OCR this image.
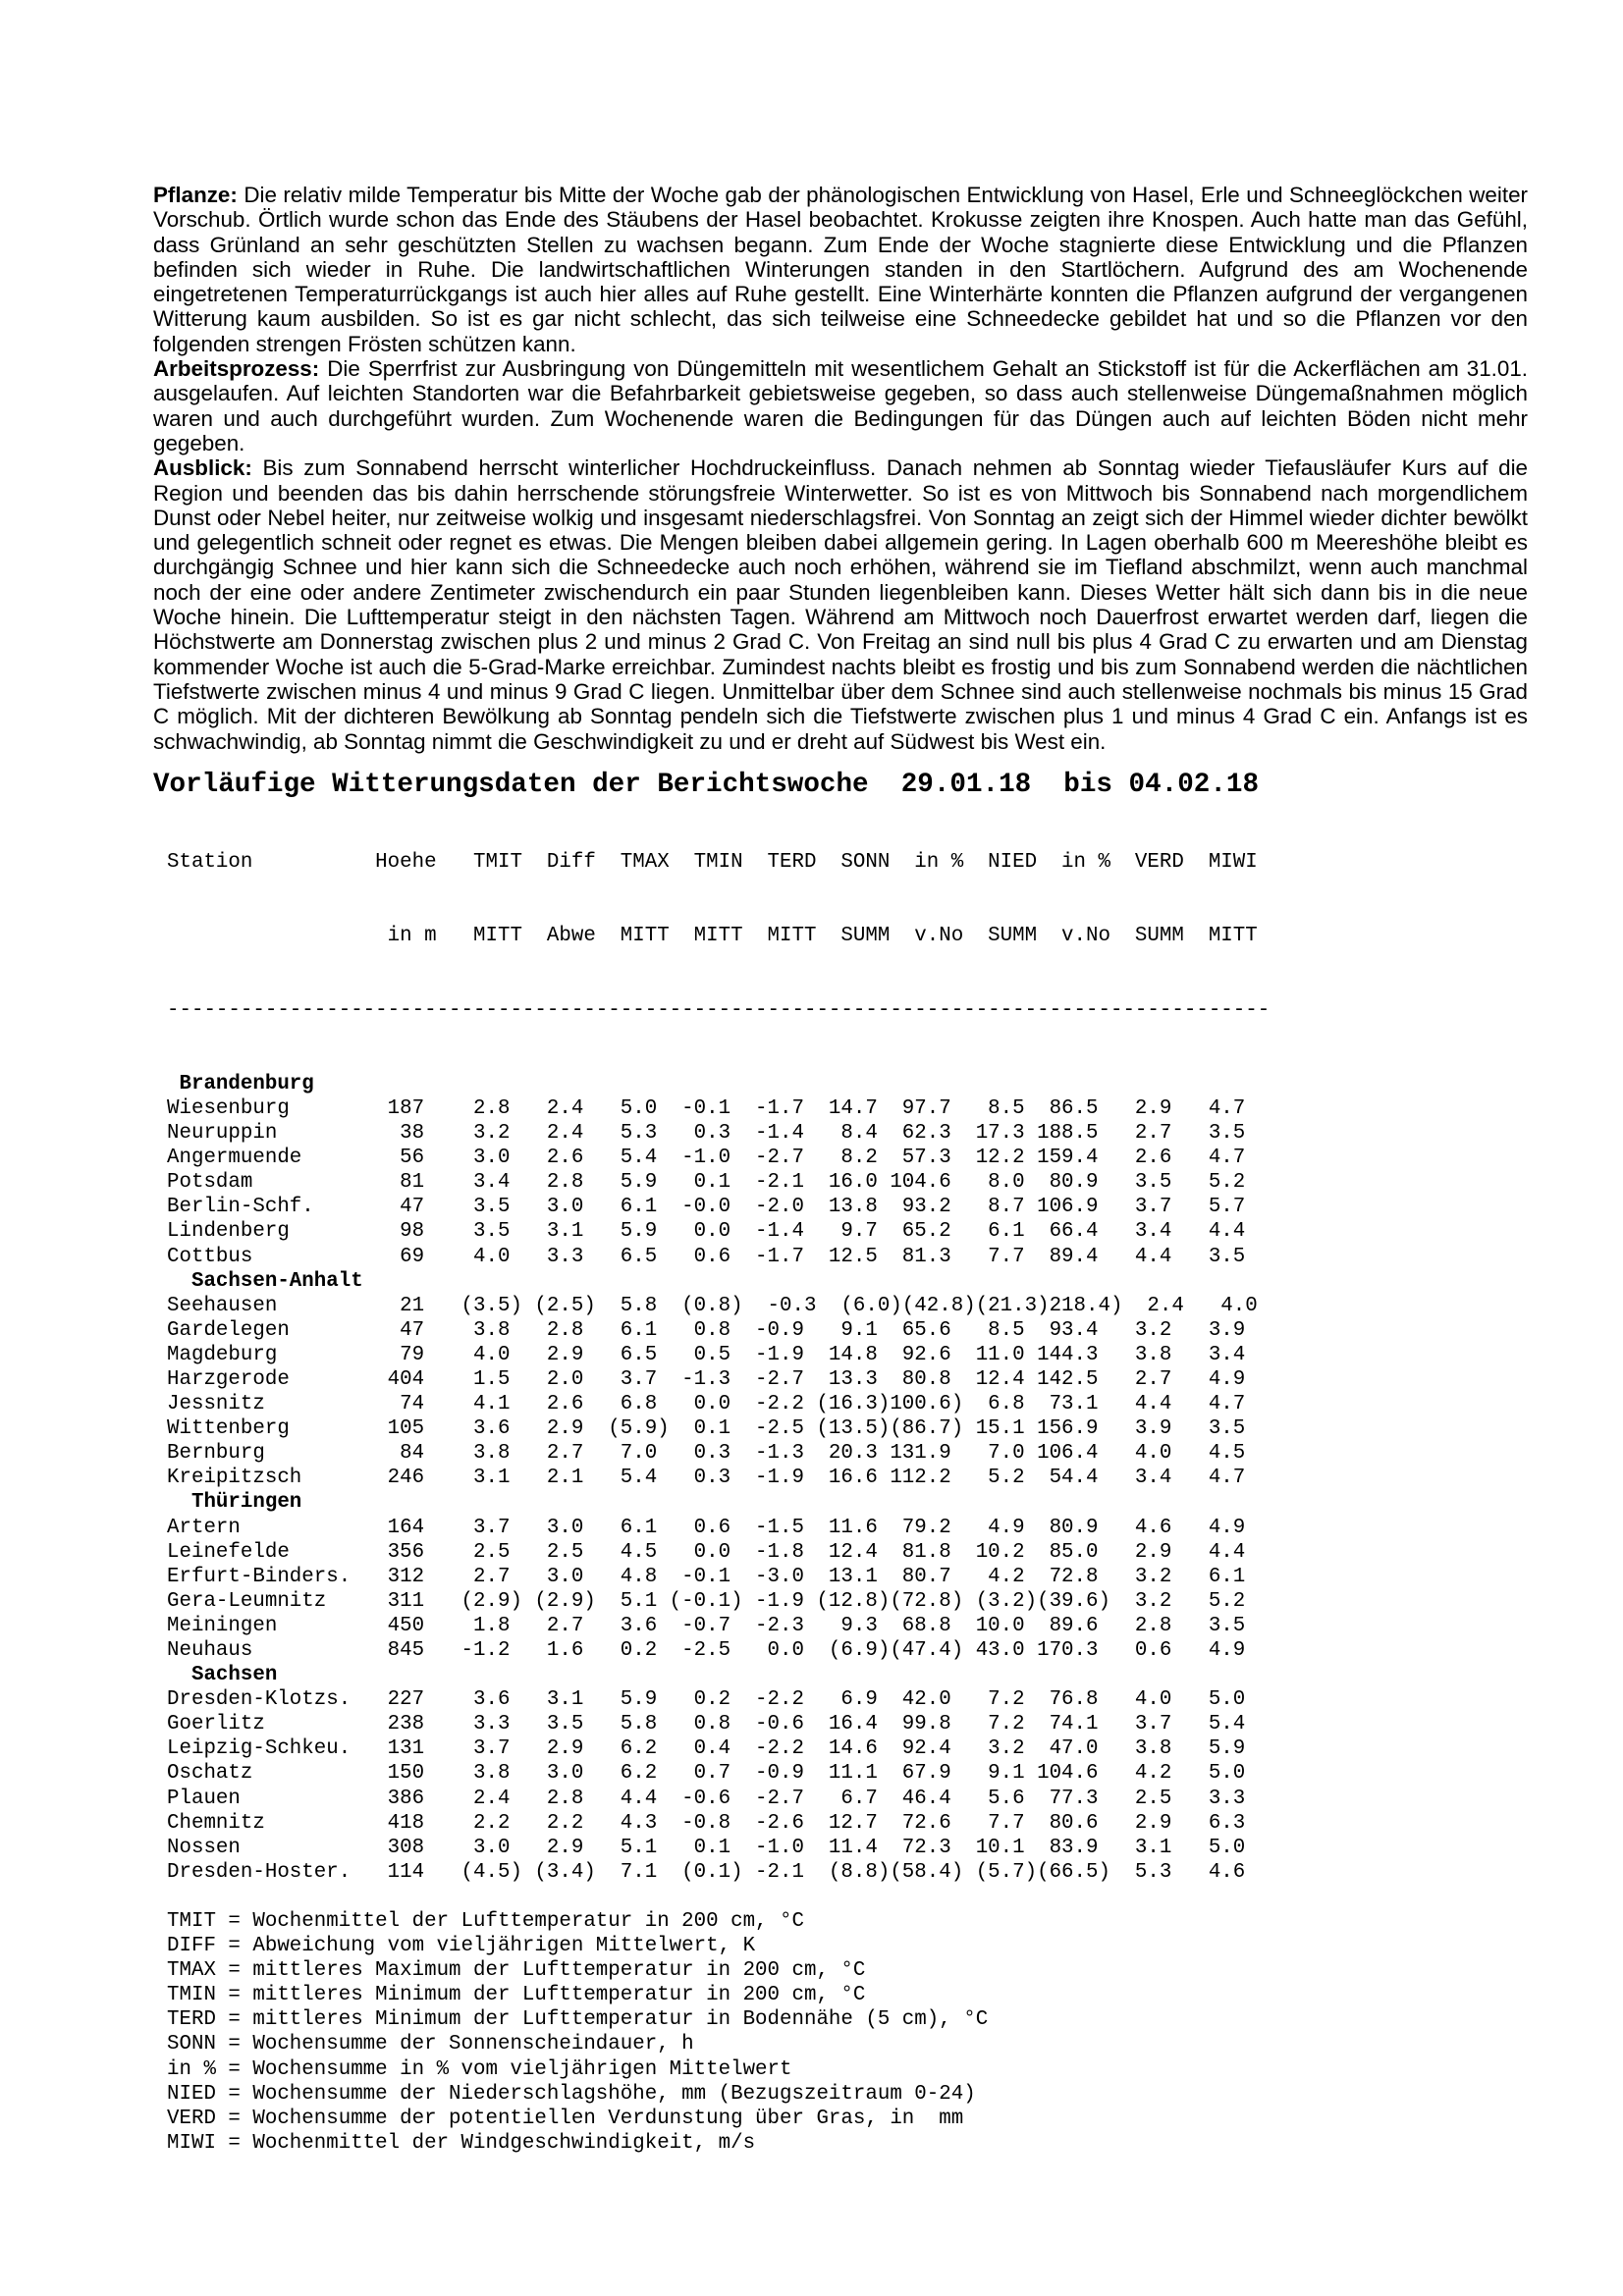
Pflanze: Die relativ milde Temperatur bis Mitte der Woche gab der phänologischen Entwicklung von Hasel, Erle und Schneeglöckchen weiter Vorschub. Örtlich wurde schon das Ende des Stäubens der Hasel beobachtet. Krokusse zeigten ihre Knospen. Auch hatte man das Gefühl, dass Grünland an sehr geschützten Stellen zu wachsen begann. Zum Ende der Woche stagnierte diese Entwicklung und die Pflanzen befinden sich wieder in Ruhe. Die landwirtschaftlichen Winterungen standen in den Startlöchern. Aufgrund des am Wochenende eingetretenen Temperaturrückgangs ist auch hier alles auf Ruhe gestellt. Eine Winterhärte konnten die Pflanzen aufgrund der vergangenen Witterung kaum ausbilden. So ist es gar nicht schlecht, das sich teilweise eine Schneedecke gebildet hat und so die Pflanzen vor den folgenden strengen Frösten schützen kann.

Arbeitsprozess: Die Sperrfrist zur Ausbringung von Düngemitteln mit wesentlichem Gehalt an Stickstoff ist für die Ackerflächen am 31.01. ausgelaufen. Auf leichten Standorten war die Befahrbarkeit gebietsweise gegeben, so dass auch stellenweise Düngemaßnahmen möglich waren und auch durchgeführt wurden. Zum Wochenende waren die Bedingungen für das Düngen auch auf leichten Böden nicht mehr gegeben.

Ausblick: Bis zum Sonnabend herrscht winterlicher Hochdruckeinfluss. Danach nehmen ab Sonntag wieder Tiefausläufer Kurs auf die Region und beenden das bis dahin herrschende störungsfreie Winterwetter. So ist es von Mittwoch bis Sonnabend nach morgendlichem Dunst oder Nebel heiter, nur zeitweise wolkig und insgesamt niederschlagsfrei. Von Sonntag an zeigt sich der Himmel wieder dichter bewölkt und gelegentlich schneit oder regnet es etwas. Die Mengen bleiben dabei allgemein gering. In Lagen oberhalb 600 m Meereshöhe bleibt es durchgängig Schnee und hier kann sich die Schneedecke auch noch erhöhen, während sie im Tiefland abschmilzt, wenn auch manchmal noch der eine oder andere Zentimeter zwischendurch ein paar Stunden liegenbleiben kann. Dieses Wetter hält sich dann bis in die neue Woche hinein. Die Lufttemperatur steigt in den nächsten Tagen. Während am Mittwoch noch Dauerfrost erwartet werden darf, liegen die Höchstwerte am Donnerstag zwischen plus 2 und minus 2 Grad C. Von Freitag an sind null bis plus 4 Grad C zu erwarten und am Dienstag kommender Woche ist auch die 5-Grad-Marke erreichbar. Zumindest nachts bleibt es frostig und bis zum Sonnabend werden die nächtlichen Tiefstwerte zwischen minus 4 und minus 9 Grad C liegen. Unmittelbar über dem Schnee sind auch stellenweise nochmals bis minus 15 Grad C möglich. Mit der dichteren Bewölkung ab Sonntag pendeln sich die Tiefstwerte zwischen plus 1 und minus 4 Grad C ein. Anfangs ist es schwachwindig, ab Sonntag nimmt die Geschwindigkeit zu und er dreht auf Südwest bis West ein.

Vorläufige Witterungsdaten der Berichtswoche  29.01.18  bis 04.02.18

Station          Hoehe   TMIT  Diff  TMAX  TMIN  TERD  SONN  in %  NIED  in %  VERD  MIWI

in m   MITT  Abwe  MITT  MITT  MITT  SUMM  v.No  SUMM  v.No  SUMM  MITT

------------------------------------------------------------------------------------------

Brandenburg
Wiesenburg        187    2.8   2.4   5.0  -0.1  -1.7  14.7  97.7   8.5  86.5   2.9   4.7
Neuruppin          38    3.2   2.4   5.3   0.3  -1.4   8.4  62.3  17.3 188.5   2.7   3.5
Angermuende        56    3.0   2.6   5.4  -1.0  -2.7   8.2  57.3  12.2 159.4   2.6   4.7
Potsdam            81    3.4   2.8   5.9   0.1  -2.1  16.0 104.6   8.0  80.9   3.5   5.2
Berlin-Schf.       47    3.5   3.0   6.1  -0.0  -2.0  13.8  93.2   8.7 106.9   3.7   5.7
Lindenberg         98    3.5   3.1   5.9   0.0  -1.4   9.7  65.2   6.1  66.4   3.4   4.4
Cottbus            69    4.0   3.3   6.5   0.6  -1.7  12.5  81.3   7.7  89.4   4.4   3.5
Sachsen-Anhalt
Seehausen          21   (3.5) (2.5)  5.8  (0.8)  -0.3  (6.0)(42.8)(21.3)218.4)  2.4   4.0
Gardelegen         47    3.8   2.8   6.1   0.8  -0.9   9.1  65.6   8.5  93.4   3.2   3.9
Magdeburg          79    4.0   2.9   6.5   0.5  -1.9  14.8  92.6  11.0 144.3   3.8   3.4
Harzgerode        404    1.5   2.0   3.7  -1.3  -2.7  13.3  80.8  12.4 142.5   2.7   4.9
Jessnitz           74    4.1   2.6   6.8   0.0  -2.2 (16.3)100.6)  6.8  73.1   4.4   4.7
Wittenberg        105    3.6   2.9  (5.9)  0.1  -2.5 (13.5)(86.7) 15.1 156.9   3.9   3.5
Bernburg           84    3.8   2.7   7.0   0.3  -1.3  20.3 131.9   7.0 106.4   4.0   4.5
Kreipitzsch       246    3.1   2.1   5.4   0.3  -1.9  16.6 112.2   5.2  54.4   3.4   4.7
Thüringen
Artern            164    3.7   3.0   6.1   0.6  -1.5  11.6  79.2   4.9  80.9   4.6   4.9
Leinefelde        356    2.5   2.5   4.5   0.0  -1.8  12.4  81.8  10.2  85.0   2.9   4.4
Erfurt-Binders.   312    2.7   3.0   4.8  -0.1  -3.0  13.1  80.7   4.2  72.8   3.2   6.1
Gera-Leumnitz     311   (2.9) (2.9)  5.1 (-0.1) -1.9 (12.8)(72.8) (3.2)(39.6)  3.2   5.2
Meiningen         450    1.8   2.7   3.6  -0.7  -2.3   9.3  68.8  10.0  89.6   2.8   3.5
Neuhaus           845   -1.2   1.6   0.2  -2.5   0.0  (6.9)(47.4) 43.0 170.3   0.6   4.9
Sachsen
Dresden-Klotzs.   227    3.6   3.1   5.9   0.2  -2.2   6.9  42.0   7.2  76.8   4.0   5.0
Goerlitz          238    3.3   3.5   5.8   0.8  -0.6  16.4  99.8   7.2  74.1   3.7   5.4
Leipzig-Schkeu.   131    3.7   2.9   6.2   0.4  -2.2  14.6  92.4   3.2  47.0   3.8   5.9
Oschatz           150    3.8   3.0   6.2   0.7  -0.9  11.1  67.9   9.1 104.6   4.2   5.0
Plauen            386    2.4   2.8   4.4  -0.6  -2.7   6.7  46.4   5.6  77.3   2.5   3.3
Chemnitz          418    2.2   2.2   4.3  -0.8  -2.6  12.7  72.6   7.7  80.6   2.9   6.3
Nossen            308    3.0   2.9   5.1   0.1  -1.0  11.4  72.3  10.1  83.9   3.1   5.0
Dresden-Hoster.   114   (4.5) (3.4)  7.1  (0.1) -2.1  (8.8)(58.4) (5.7)(66.5)  5.3   4.6
TMIT = Wochenmittel der Lufttemperatur in 200 cm, °C
DIFF = Abweichung vom vieljährigen Mittelwert, K
TMAX = mittleres Maximum der Lufttemperatur in 200 cm, °C
TMIN = mittleres Minimum der Lufttemperatur in 200 cm, °C
TERD = mittleres Minimum der Lufttemperatur in Bodennähe (5 cm), °C
SONN = Wochensumme der Sonnenscheindauer, h
in % = Wochensumme in % vom vieljährigen Mittelwert
NIED = Wochensumme der Niederschlagshöhe, mm (Bezugszeitraum 0-24)
VERD = Wochensumme der potentiellen Verdunstung über Gras, in  mm
MIWI = Wochenmittel der Windgeschwindigkeit, m/s
